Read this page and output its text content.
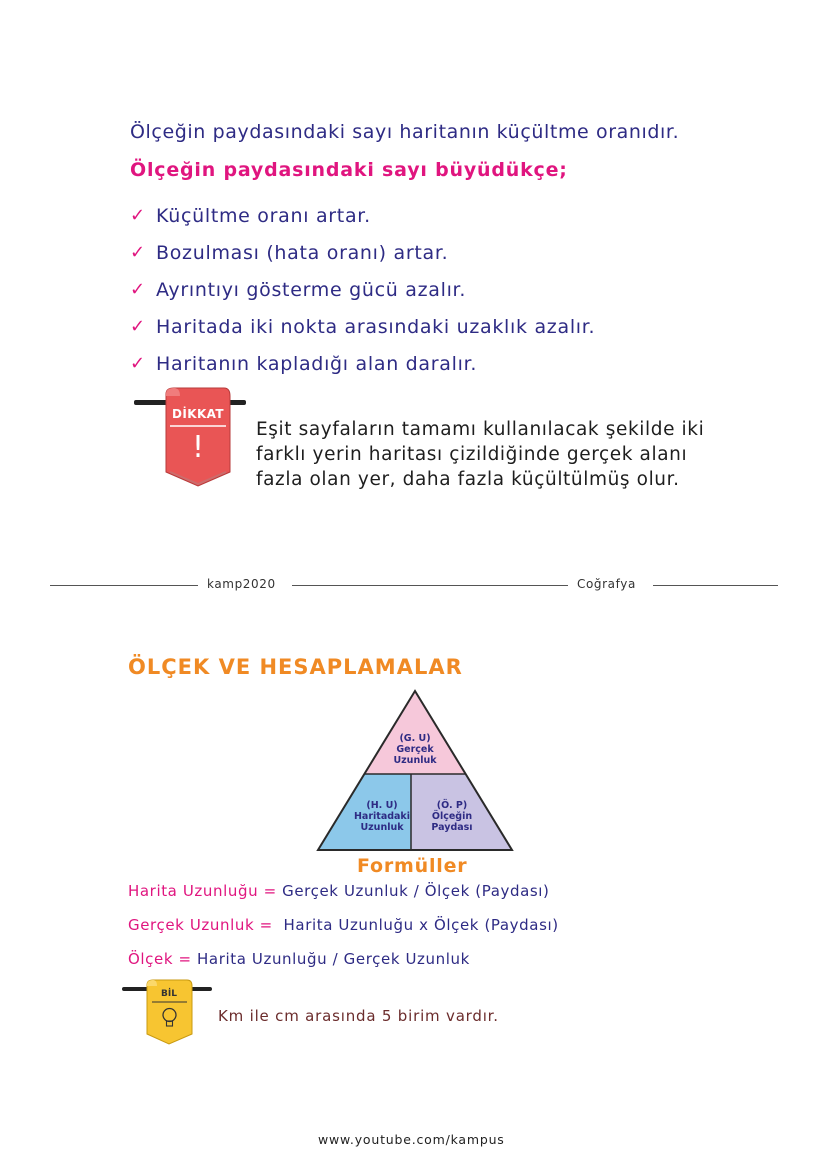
Ölçeğin paydasındaki sayı haritanın küçültme oranıdır.
Ölçeğin paydasındaki sayı büyüdükçe;
✓ Küçültme oranı artar.
✓ Bozulması (hata oranı) artar.
✓ Ayrıntıyı gösterme gücü azalır.
✓ Haritada iki nokta arasındaki uzaklık azalır.
✓ Haritanın kapladığı alan daralır.
DİKKAT
!
Eşit sayfaların tamamı kullanılacak şekilde iki farklı yerin haritası çizildiğinde gerçek alanı fazla olan yer, daha fazla küçültülmüş olur.
kamp2020	Coğrafya
ÖLÇEK VE HESAPLAMALAR
(G. U)
Gerçek
Uzunluk
(H. U)
Haritadaki
Uzunluk
(Ö. P)
Ölçeğin
Paydası
Formüller
Harita Uzunluğu = Gerçek Uzunluk / Ölçek (Paydası)
Gerçek Uzunluk =  Harita Uzunluğu x Ölçek (Paydası)
Ölçek = Harita Uzunluğu / Gerçek Uzunluk
BİL
Km ile cm arasında 5 birim vardır.
www.youtube.com/kampus
